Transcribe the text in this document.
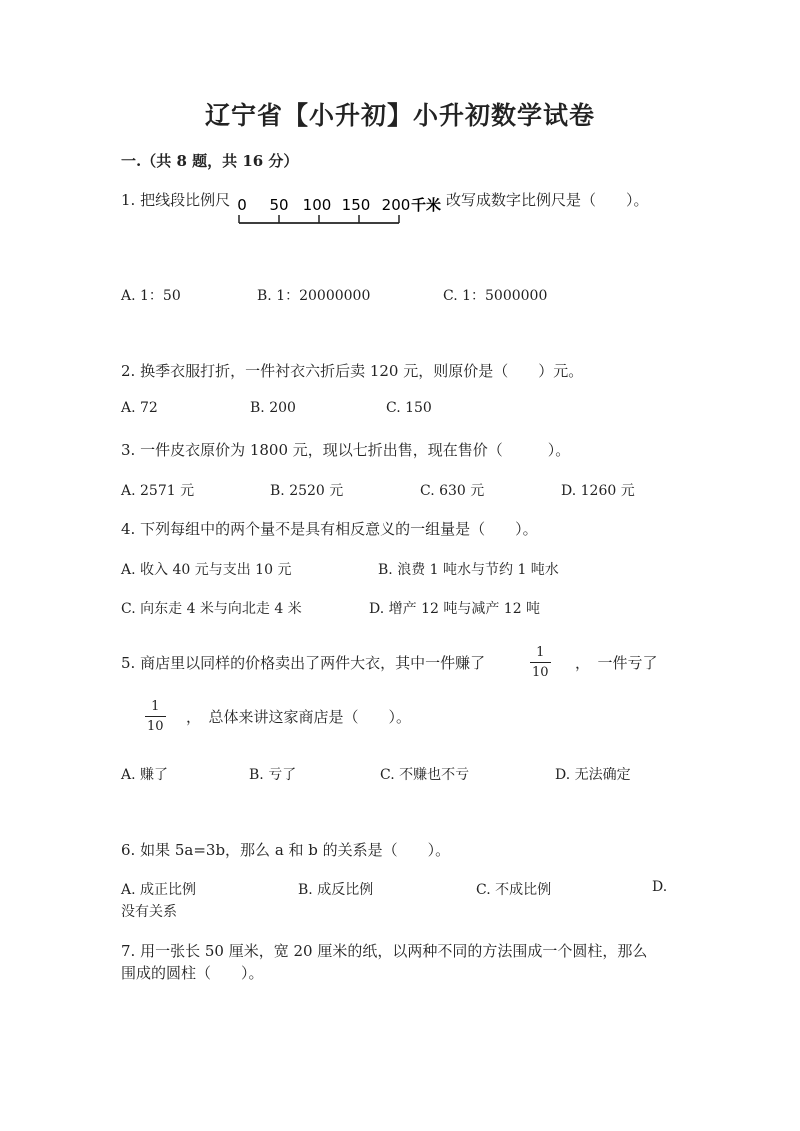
辽宁省【小升初】小升初数学试卷
一.（共 8 题，共 16 分）
1. 把线段比例尺 0 50 100 150 200 千米 改写成数字比例尺是（　　）。
A. 1：50	B. 1：20000000	C. 1：5000000
2. 换季衣服打折，一件衬衣六折后卖 120 元，则原价是（　　）元。
A. 72	B. 200	C. 150
3. 一件皮衣原价为 1800 元，现以七折出售，现在售价（　　　）。
A. 2571 元	B. 2520 元	C. 630 元	D. 1260 元
4. 下列每组中的两个量不是具有相反意义的一组量是（　　）。
A. 收入 40 元与支出 10 元	B. 浪费 1 吨水与节约 1 吨水
C. 向东走 4 米与向北走 4 米	D. 增产 12 吨与减产 12 吨
5. 商店里以同样的价格卖出了两件大衣，其中一件赚了	$\frac{1}{10}$ ，　一件亏了
$\frac{1}{10}$ ，　总体来讲这家商店是（　　）。
A. 赚了	B. 亏了	C. 不赚也不亏	D. 无法确定
6. 如果 5a=3b，那么 a 和 b 的关系是（　　）。
A. 成正比例	B. 成反比例	C. 不成比例	D.
没有关系
7. 用一张长 50 厘米，宽 20 厘米的纸，以两种不同的方法围成一个圆柱，那么
围成的圆柱（　　）。
